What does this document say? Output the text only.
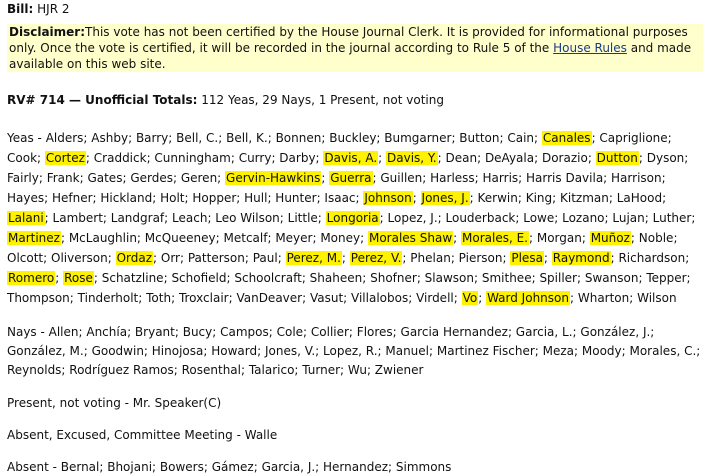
Bill: HJR 2
Disclaimer:This vote has not been certified by the House Journal Clerk. It is provided for informational purposes only. Once the vote is certified, it will be recorded in the journal according to Rule 5 of the House Rules and made available on this web site.
RV# 714 — Unofficial Totals: 112 Yeas, 29 Nays, 1 Present, not voting
Yeas - Alders; Ashby; Barry; Bell, C.; Bell, K.; Bonnen; Buckley; Bumgarner; Button; Cain; Canales; Capriglione; Cook; Cortez; Craddick; Cunningham; Curry; Darby; Davis, A.; Davis, Y.; Dean; DeAyala; Dorazio; Dutton; Dyson; Fairly; Frank; Gates; Gerdes; Geren; Gervin-Hawkins; Guerra; Guillen; Harless; Harris; Harris Davila; Harrison; Hayes; Hefner; Hickland; Holt; Hopper; Hull; Hunter; Isaac; Johnson; Jones, J.; Kerwin; King; Kitzman; LaHood; Lalani; Lambert; Landgraf; Leach; Leo Wilson; Little; Longoria; Lopez, J.; Louderback; Lowe; Lozano; Lujan; Luther; Martinez; McLaughlin; McQueeney; Metcalf; Meyer; Money; Morales Shaw; Morales, E.; Morgan; Muñoz; Noble; Olcott; Oliverson; Ordaz; Orr; Patterson; Paul; Perez, M.; Perez, V.; Phelan; Pierson; Plesa; Raymond; Richardson; Romero; Rose; Schatzline; Schofield; Schoolcraft; Shaheen; Shofner; Slawson; Smithee; Spiller; Swanson; Tepper; Thompson; Tinderholt; Toth; Troxclair; VanDeaver; Vasut; Villalobos; Virdell; Vo; Ward Johnson; Wharton; Wilson
Nays - Allen; Anchía; Bryant; Bucy; Campos; Cole; Collier; Flores; Garcia Hernandez; Garcia, L.; González, J.; González, M.; Goodwin; Hinojosa; Howard; Jones, V.; Lopez, R.; Manuel; Martinez Fischer; Meza; Moody; Morales, C.; Reynolds; Rodríguez Ramos; Rosenthal; Talarico; Turner; Wu; Zwiener
Present, not voting - Mr. Speaker(C)
Absent, Excused, Committee Meeting - Walle
Absent - Bernal; Bhojani; Bowers; Gámez; Garcia, J.; Hernandez; Simmons
